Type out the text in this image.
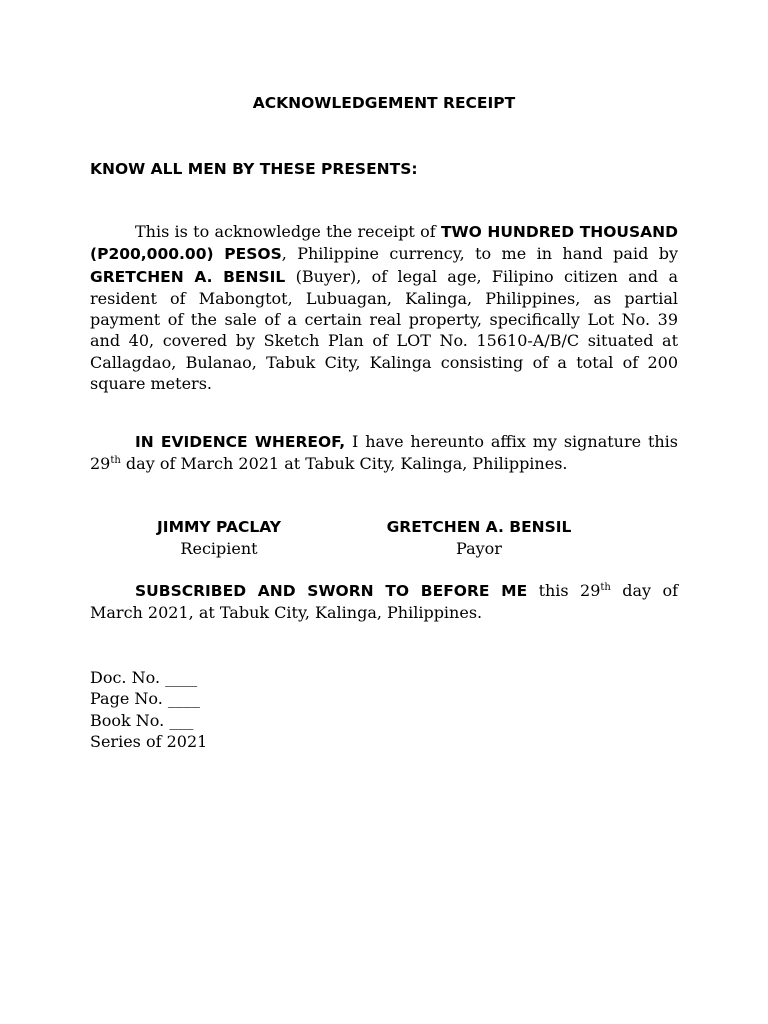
ACKNOWLEDGEMENT RECEIPT
KNOW ALL MEN BY THESE PRESENTS:

This is to acknowledge the receipt of TWO HUNDRED THOUSAND (P200,000.00) PESOS, Philippine currency, to me in hand paid by GRETCHEN A. BENSIL (Buyer), of legal age, Filipino citizen and a resident of Mabongtot, Lubuagan, Kalinga, Philippines, as partial payment of the sale of a certain real property, specifically Lot No. 39 and 40, covered by Sketch Plan of LOT No. 15610-A/B/C situated at Callagdao, Bulanao, Tabuk City, Kalinga consisting of a total of 200 square meters.

IN EVIDENCE WHEREOF, I have hereunto affix my signature this 29th day of March 2021 at Tabuk City, Kalinga, Philippines.

JIMMY PACLAY
Recipient
GRETCHEN A. BENSIL
Payor

SUBSCRIBED AND SWORN TO BEFORE ME this 29th day of March 2021, at Tabuk City, Kalinga, Philippines.

Doc. No. ____
Page No. ____
Book No. ___
Series of 2021
